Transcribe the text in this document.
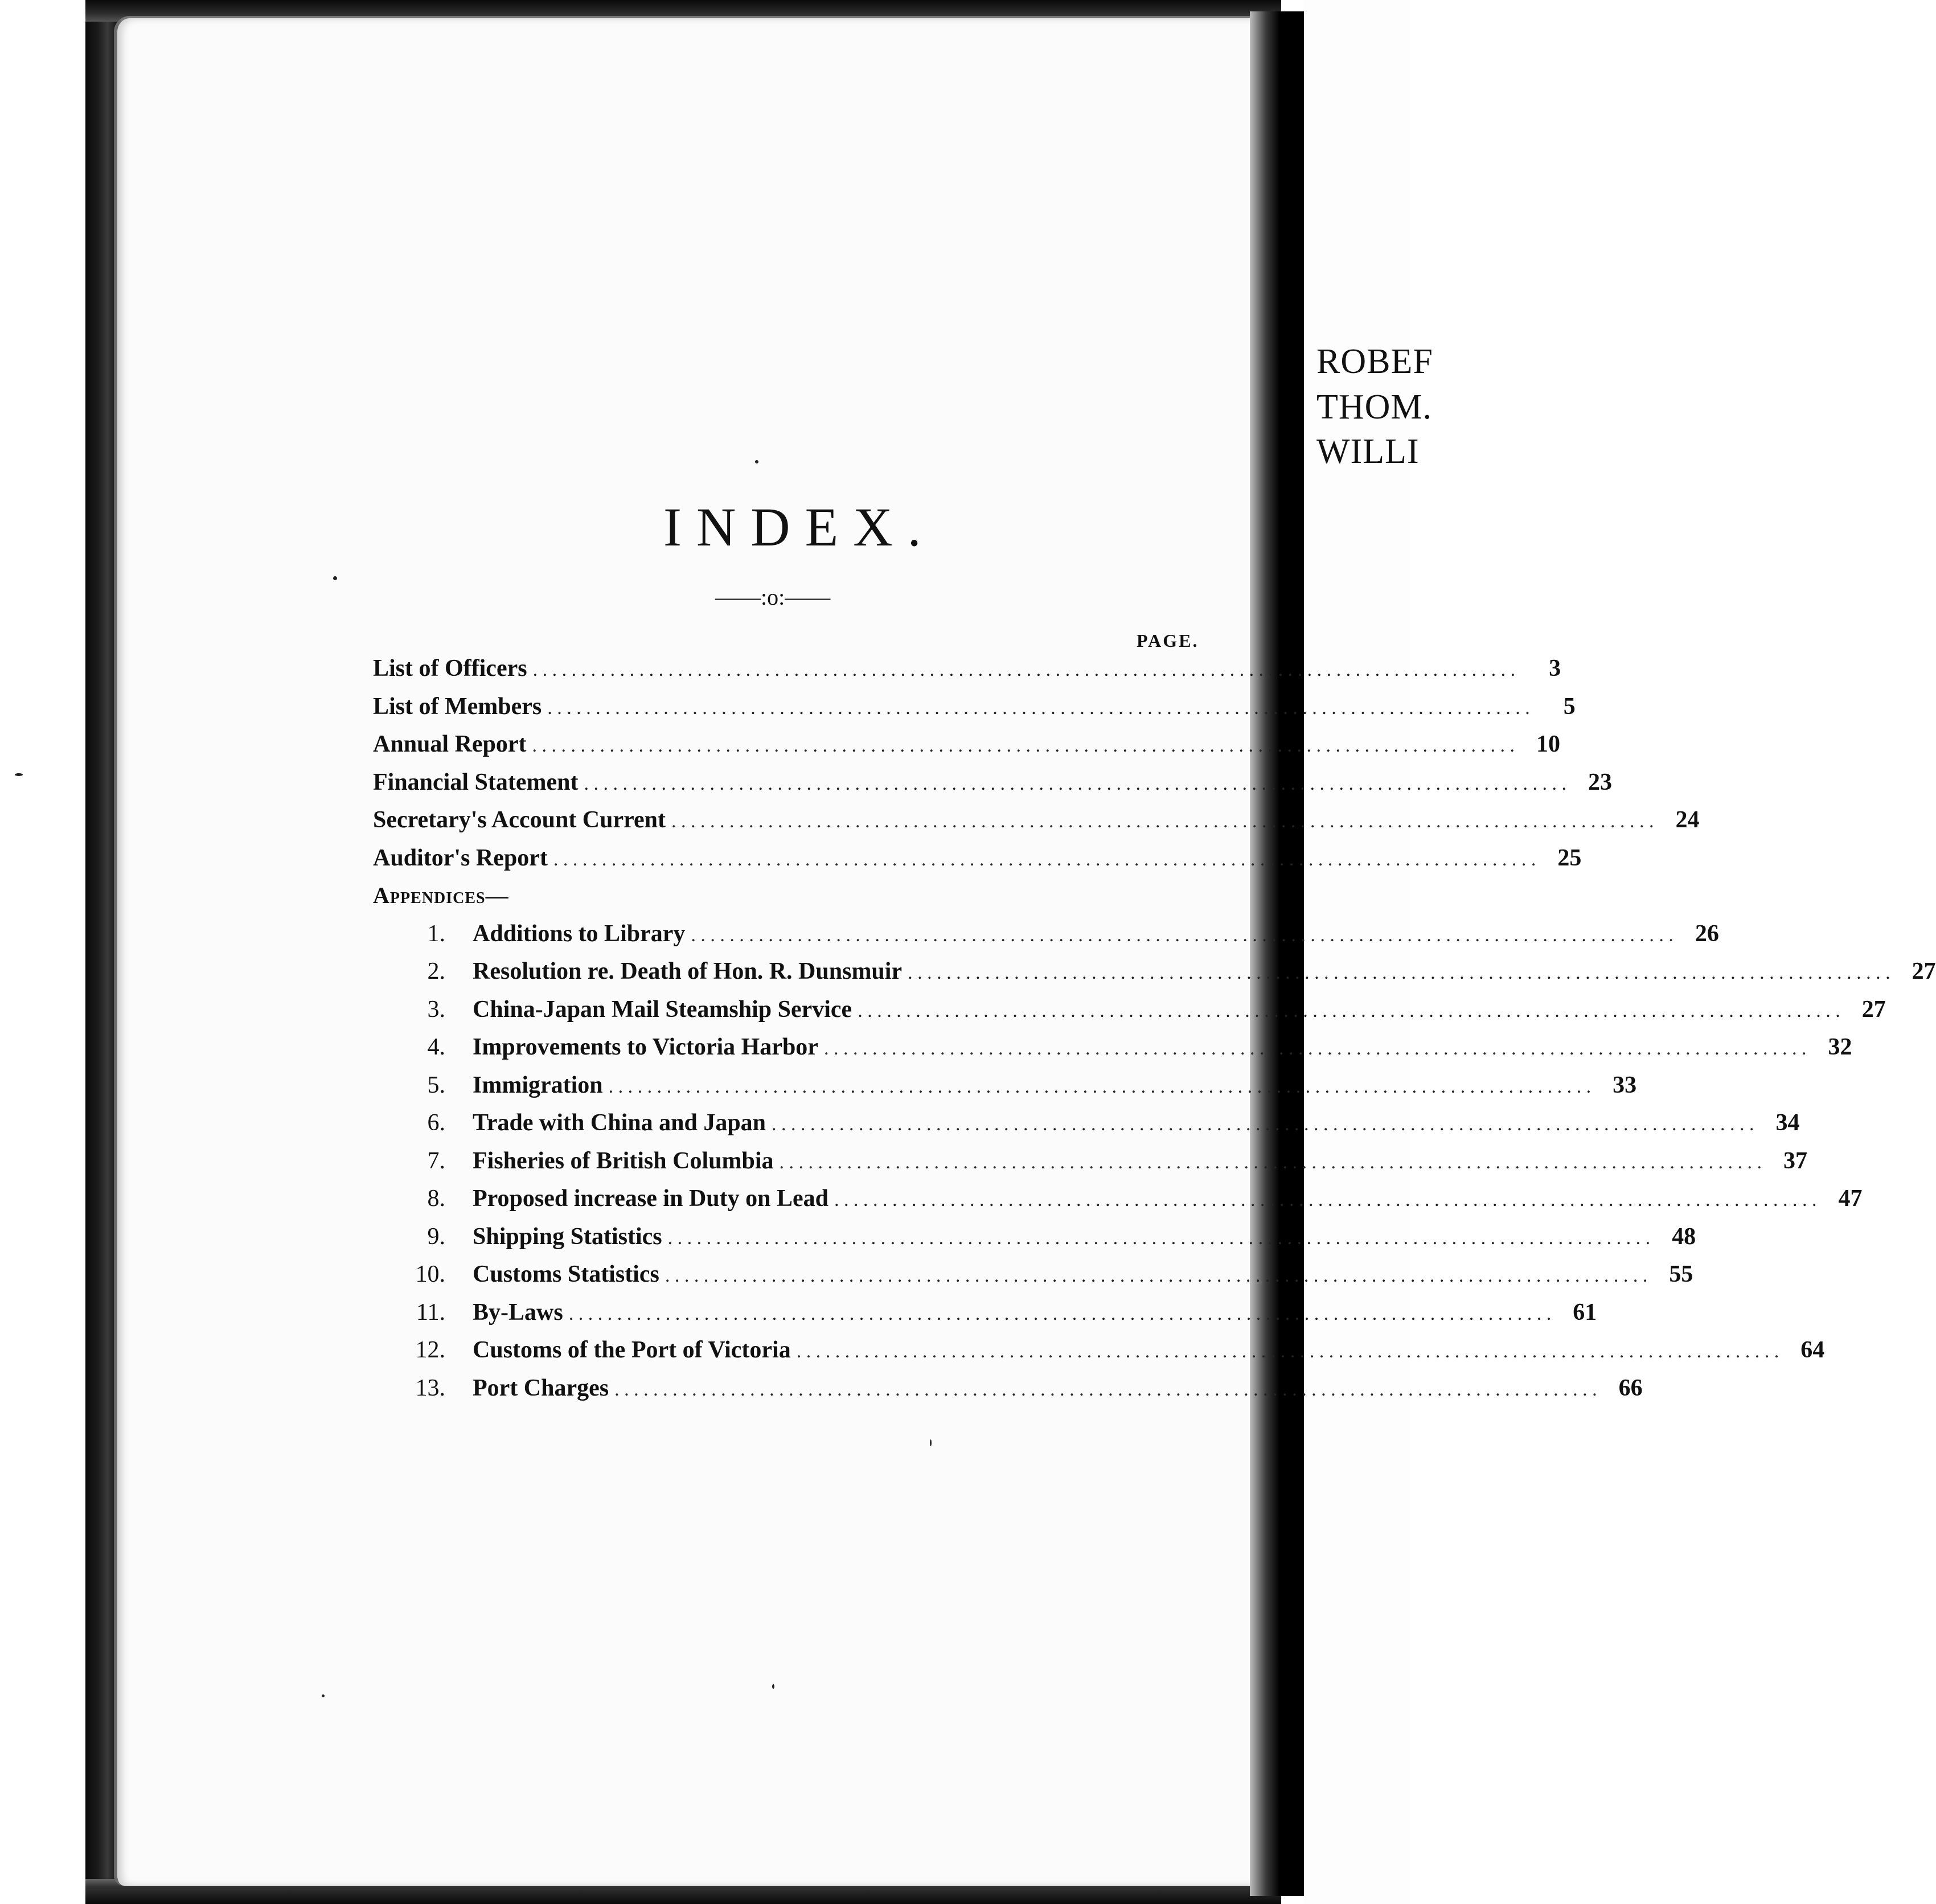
ROBEF
THOM.
WILLI
INDEX.
——:o:——
PAGE.
List of Officers . . .	3
List of Members . . .	5
Annual Report . . .	10
Financial Statement . . .	23
Secretary's Account Current . . .	24
Auditor's Report . . .	25
Appendices—
1.	Additions to Library . . .	26
2.	Resolution re. Death of Hon. R. Dunsmuir . . .	27
3.	China-Japan Mail Steamship Service . . .	27
4.	Improvements to Victoria Harbor . . .	32
5.	Immigration . . .	33
6.	Trade with China and Japan . . .	34
7.	Fisheries of British Columbia . . .	37
8.	Proposed increase in Duty on Lead . . .	47
9.	Shipping Statistics . . .	48
10.	Customs Statistics . . .	55
11.	By-Laws . . .	61
12.	Customs of the Port of Victoria . . .	64
13.	Port Charges . . .	66
